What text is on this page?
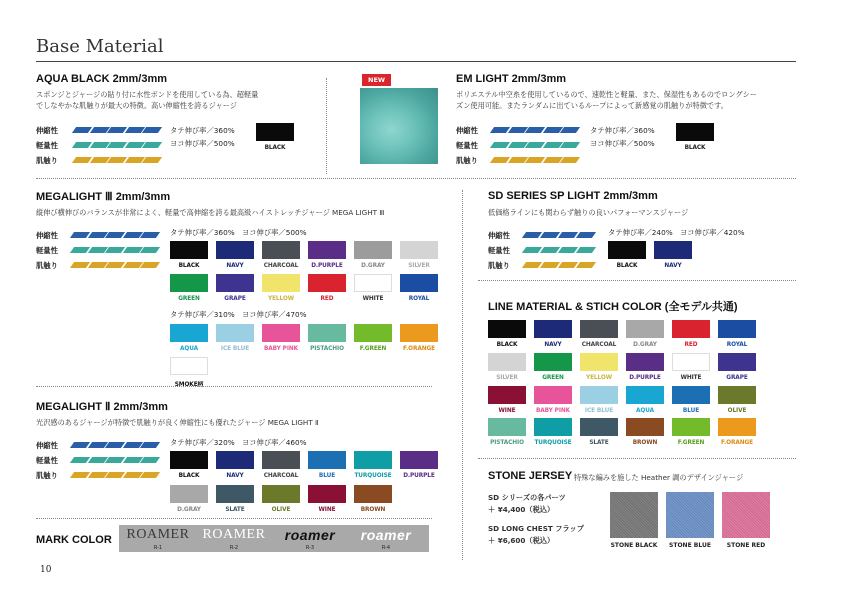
Base Material
AQUA BLACK 2mm/3mm
スポンジとジャージの貼り付に水性ボンドを使用している為、超軽量
でしなやかな肌触りが最大の特徴。高い伸縮性を誇るジャージ
伸縮性
軽量性
肌触り
タテ伸び率／360%
ヨコ伸び率／500%	BLACK
NEW	EM LIGHT 2mm/3mm
ポリエステル中空糸を使用しているので、速乾性と軽量、また、保湿性もあるのでロングシー
ズン使用可能。またランダムに出ているループによって新感覚の肌触りが特徴です。
伸縮性
軽量性
肌触り
タテ伸び率／360%
ヨコ伸び率／500%	BLACK
MEGALIGHT Ⅲ 2mm/3mm
縦伸び横伸びのバランスが非常によく、軽量で高伸縮を誇る最高級ハイストレッチジャージ MEGA LIGHT Ⅲ
伸縮性
軽量性
肌触り
タテ伸び率／360%　ヨコ伸び率／500%
タテ伸び率／310%　ヨコ伸び率／470%
BLACK	NAVY	CHARCOAL	D.PURPLE	D.GRAY	SILVER
GREEN	GRAPE	YELLOW	RED	WHITE	ROYAL
AQUA	ICE BLUE	BABY PINK	PISTACHIO	F.GREEN	F.ORANGE
SMOKE柄
MEGALIGHT Ⅱ 2mm/3mm
光沢感のあるジャージが特徴で肌触りが良く伸縮性にも優れたジャージ MEGA LIGHT Ⅱ
伸縮性
軽量性
肌触り
タテ伸び率／320%　ヨコ伸び率／460%
BLACK	NAVY	CHARCOAL	BLUE	TURQUOISE	D.PURPLE
D.GRAY	SLATE	OLIVE	WINE	BROWN
MARK COLOR	ROAMER
R-1
ROAMER
R-2
roamer
R-3
roamer
R-4
10
SD SERIES SP LIGHT 2mm/3mm
低価格ラインにも関わらず触りの良いパフォーマンスジャージ
伸縮性
軽量性
肌触り
タテ伸び率／240%　ヨコ伸び率／420%
BLACK	NAVY
LINE MATERIAL & STICH COLOR (全モデル共通)
BLACK	NAVY	CHARCOAL	D.GRAY	RED	ROYAL
SILVER	GREEN	YELLOW	D.PURPLE	WHITE	GRAPE
WINE	BABY PINK	ICE BLUE	AQUA	BLUE	OLIVE
PISTACHIO	TURQUOISE	SLATE	BROWN	F.GREEN	F.ORANGE
STONE JERSEY 特殊な編みを施した Heather 調のデザインジャージ
SD シリーズの各パーツ
＋ ¥4,400（税込）
SD LONG CHEST フラップ
＋ ¥6,600（税込）
STONE BLACK	STONE BLUE	STONE RED
